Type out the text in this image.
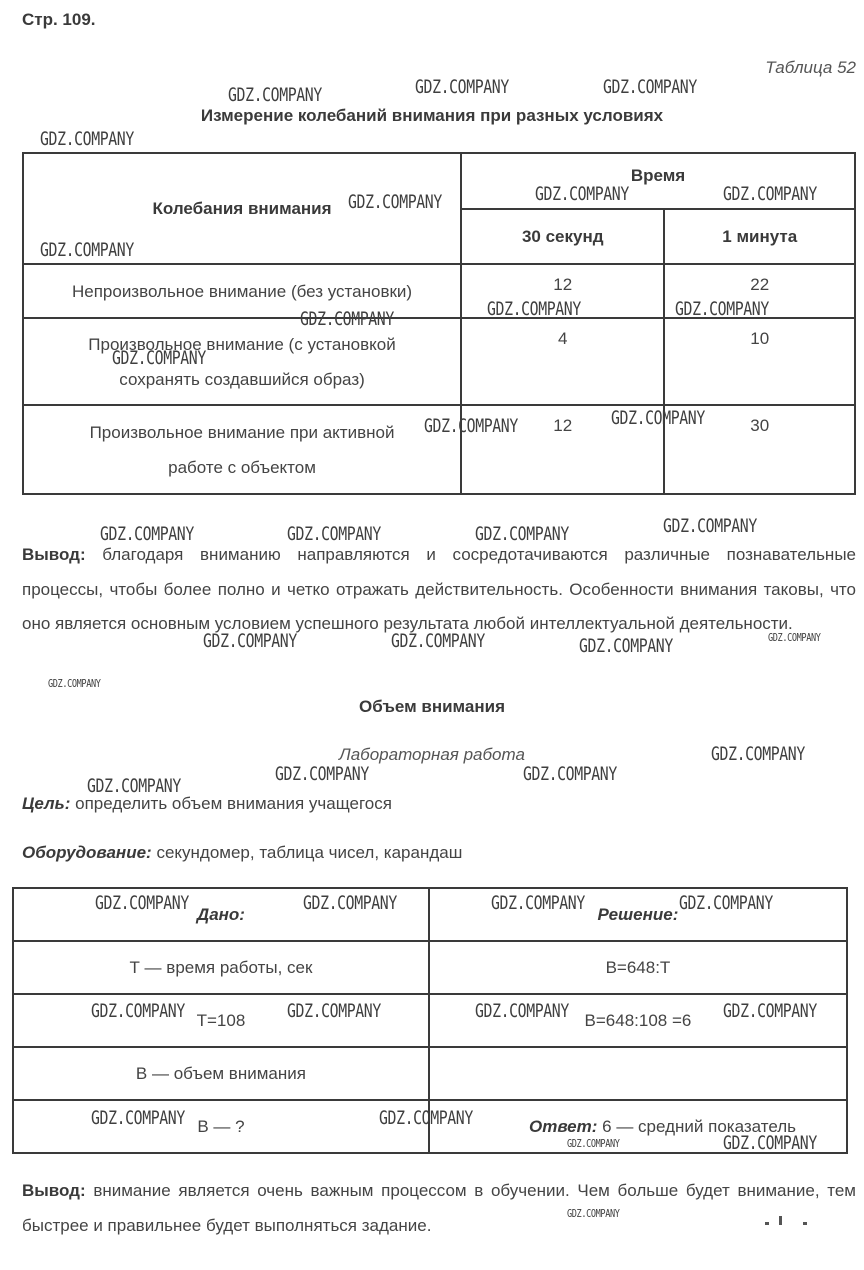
Стр. 109.
Таблица 52
Измерение колебаний внимания при разных условиях
Колебания внимания	Время	
	30 секунд	1 минута
Непроизвольное внимание (без установки)	12	22
Произвольное внимание (с установкой сохранять создавшийся образ)	4	10
Произвольное внимание при активной работе с объектом	12	30

Вывод: благодаря вниманию направляются и сосредотачиваются различные познавательные процессы, чтобы более полно и четко отражать действительность. Особенности внимания таковы, что оно является основным условием успешного результата любой интеллектуальной деятельности.

Объем внимания
Лабораторная работа
Цель: определить объем внимания учащегося
Оборудование: секундомер, таблица чисел, карандаш
Дано:	Решение:
Т — время работы, сек	В=648:Т
Т=108	В=648:108 =6
В — объем внимания	
В — ?	Ответ: 6 — средний показатель

Вывод: внимание является очень важным процессом в обучении. Чем больше будет внимание, тем быстрее и правильнее будет выполняться задание.

GDZ.COMPANY	GDZ.COMPANY	GDZ.COMPANY
GDZ.COMPANY
GDZ.COMPANY	GDZ.COMPANY	GDZ.COMPANY
GDZ.COMPANY
GDZ.COMPANY	GDZ.COMPANY
GDZ.COMPANY
GDZ.COMPANY
GDZ.COMPANY	GDZ.COMPANY
GDZ.COMPANY	GDZ.COMPANY	GDZ.COMPANY	GDZ.COMPANY
GDZ.COMPANY	GDZ.COMPANY	GDZ.COMPANY	GDZ.COMPANY
GDZ.COMPANY
GDZ.COMPANY
GDZ.COMPANY	GDZ.COMPANY
GDZ.COMPANY
GDZ.COMPANY	GDZ.COMPANY	GDZ.COMPANY	GDZ.COMPANY
GDZ.COMPANY	GDZ.COMPANY	GDZ.COMPANY	GDZ.COMPANY
GDZ.COMPANY	GDZ.COMPANY
GDZ.COMPANY	GDZ.COMPANY
GDZ.COMPANY
